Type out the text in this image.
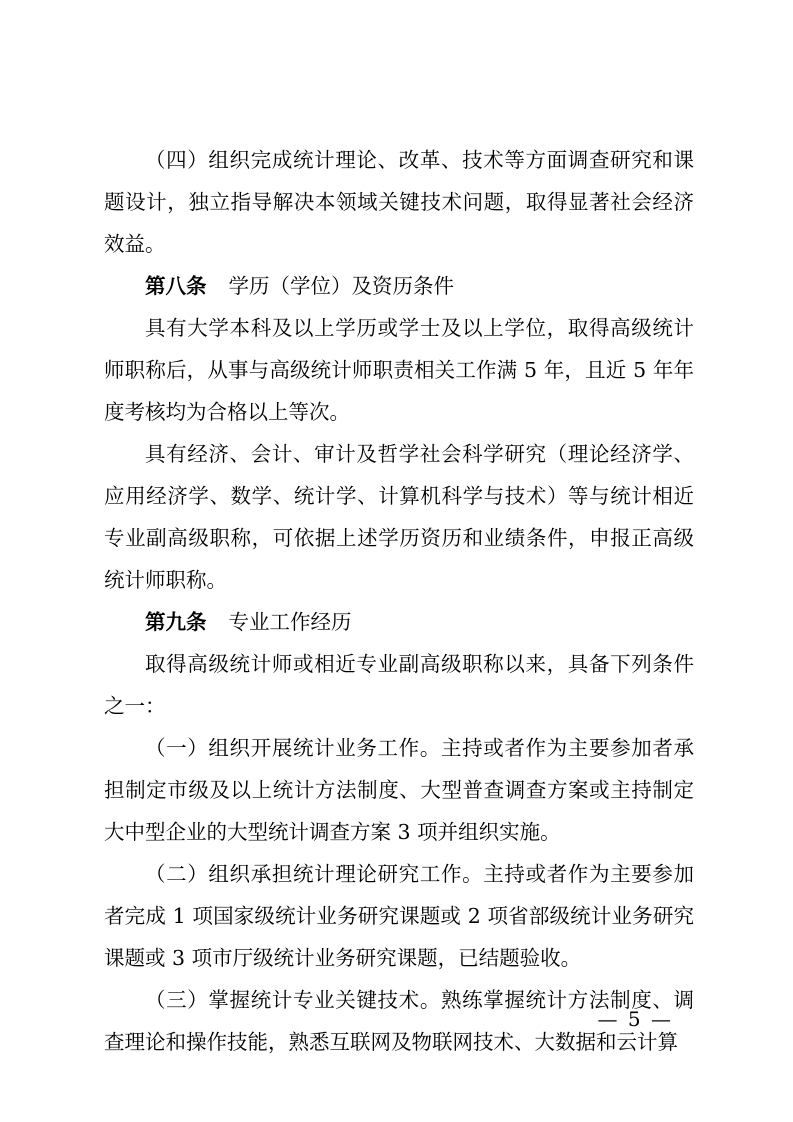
（四）组织完成统计理论、改革、技术等方面调查研究和课题设计，独立指导解决本领域关键技术问题，取得显著社会经济效益。

第八条 学历（学位）及资历条件

具有大学本科及以上学历或学士及以上学位，取得高级统计师职称后，从事与高级统计师职责相关工作满 5 年，且近 5 年年度考核均为合格以上等次。

具有经济、会计、审计及哲学社会科学研究（理论经济学、应用经济学、数学、统计学、计算机科学与技术）等与统计相近专业副高级职称，可依据上述学历资历和业绩条件，申报正高级统计师职称。

第九条 专业工作经历

取得高级统计师或相近专业副高级职称以来，具备下列条件之一：

（一）组织开展统计业务工作。主持或者作为主要参加者承担制定市级及以上统计方法制度、大型普查调查方案或主持制定大中型企业的大型统计调查方案 3 项并组织实施。

（二）组织承担统计理论研究工作。主持或者作为主要参加者完成 1 项国家级统计业务研究课题或 2 项省部级统计业务研究课题或 3 项市厅级统计业务研究课题，已结题验收。

（三）掌握统计专业关键技术。熟练掌握统计方法制度、调查理论和操作技能，熟悉互联网及物联网技术、大数据和云计算

— 5 —
